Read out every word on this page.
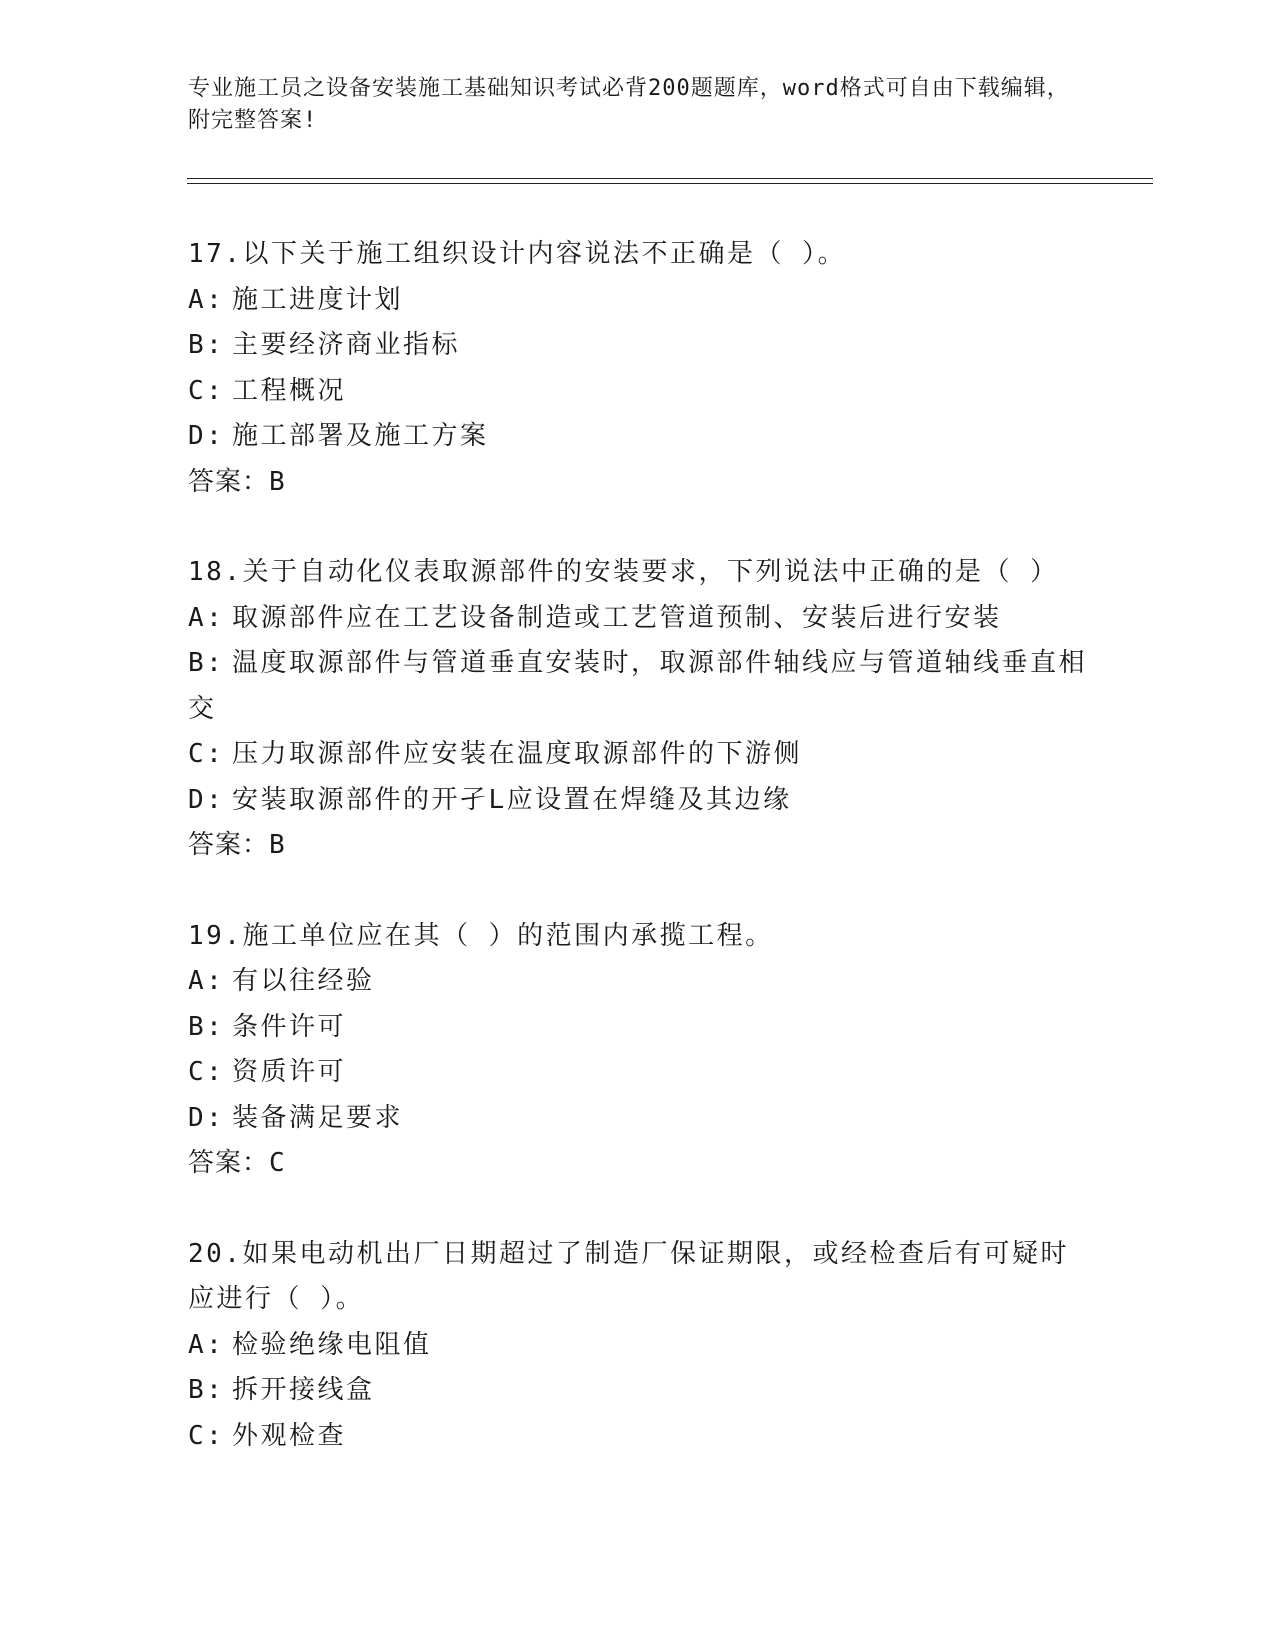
专业施工员之设备安装施工基础知识考试必背200题题库，word格式可自由下载编辑，附完整答案!
17.以下关于施工组织设计内容说法不正确是（ ）。
A: 施工进度计划
B: 主要经济商业指标
C: 工程概况
D: 施工部署及施工方案
答案：B
18.关于自动化仪表取源部件的安装要求，下列说法中正确的是（ ）
A: 取源部件应在工艺设备制造或工艺管道预制、安装后进行安装
B: 温度取源部件与管道垂直安装时，取源部件轴线应与管道轴线垂直相交
C: 压力取源部件应安装在温度取源部件的下游侧
D: 安装取源部件的开孑L应设置在焊缝及其边缘
答案：B
19.施工单位应在其（ ）的范围内承揽工程。
A: 有以往经验
B: 条件许可
C: 资质许可
D: 装备满足要求
答案：C
20.如果电动机出厂日期超过了制造厂保证期限，或经检查后有可疑时应进行（ ）。
A: 检验绝缘电阻值
B: 拆开接线盒
C: 外观检查
